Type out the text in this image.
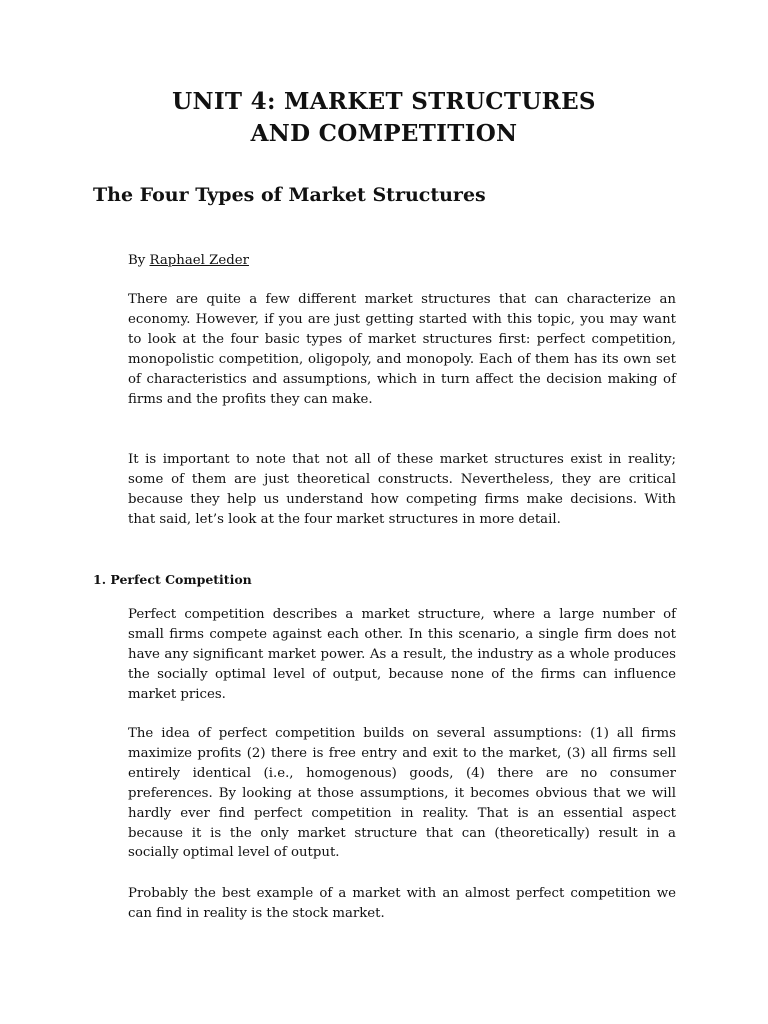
UNIT 4: MARKET STRUCTURES
AND COMPETITION
The Four Types of Market Structures
By Raphael Zeder

There are quite a few different market structures that can characterize an economy. However, if you are just getting started with this topic, you may want to look at the four basic types of market structures first: perfect competition, monopolistic competition, oligopoly, and monopoly. Each of them has its own set of characteristics and assumptions, which in turn affect the decision making of firms and the profits they can make.

It is important to note that not all of these market structures exist in reality; some of them are just theoretical constructs. Nevertheless, they are critical because they help us understand how competing firms make decisions. With that said, let’s look at the four market structures in more detail.

1. Perfect Competition

Perfect competition describes a market structure, where a large number of small firms compete against each other. In this scenario, a single firm does not have any significant market power. As a result, the industry as a whole produces the socially optimal level of output, because none of the firms can influence market prices.

The idea of perfect competition builds on several assumptions: (1) all firms maximize profits (2) there is free entry and exit to the market, (3) all firms sell entirely identical (i.e., homogenous) goods, (4) there are no consumer preferences. By looking at those assumptions, it becomes obvious that we will hardly ever find perfect competition in reality. That is an essential aspect because it is the only market structure that can (theoretically) result in a socially optimal level of output.

Probably the best example of a market with an almost perfect competition we can find in reality is the stock market.
